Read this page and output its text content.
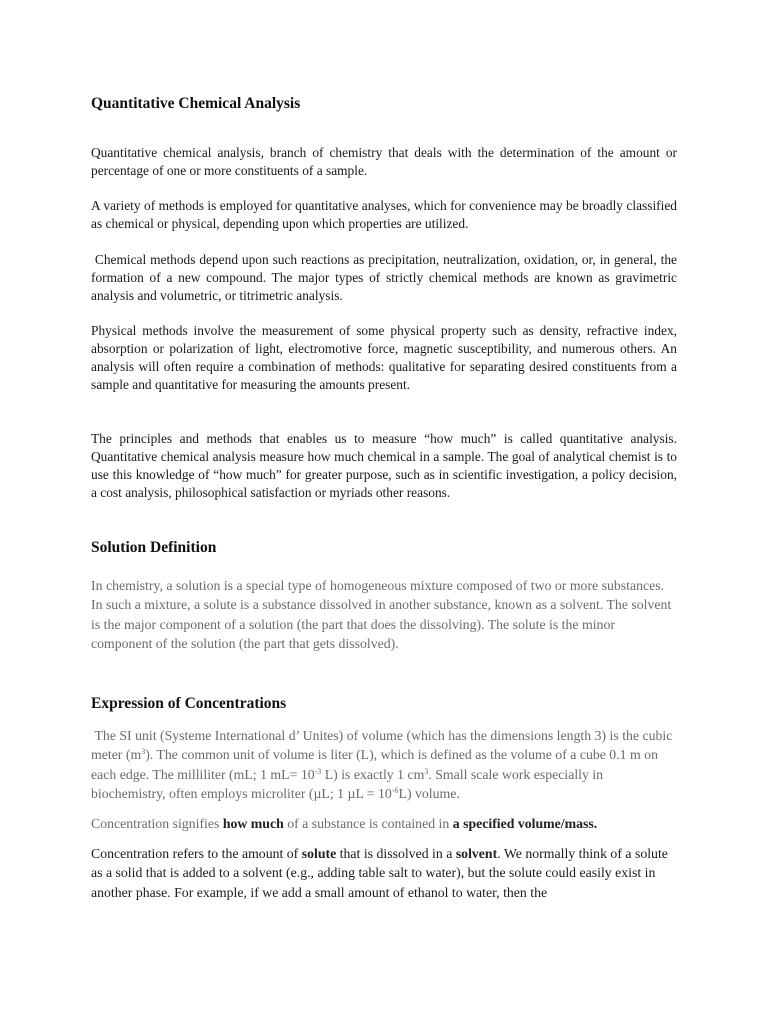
Quantitative Chemical Analysis

Quantitative chemical analysis, branch of chemistry that deals with the determination of the amount or percentage of one or more constituents of a sample.

A variety of methods is employed for quantitative analyses, which for convenience may be broadly classified as chemical or physical, depending upon which properties are utilized.

Chemical methods depend upon such reactions as precipitation, neutralization, oxidation, or, in general, the formation of a new compound. The major types of strictly chemical methods are known as gravimetric analysis and volumetric, or titrimetric analysis.

Physical methods involve the measurement of some physical property such as density, refractive index, absorption or polarization of light, electromotive force, magnetic susceptibility, and numerous others. An analysis will often require a combination of methods: qualitative for separating desired constituents from a sample and quantitative for measuring the amounts present.

The principles and methods that enables us to measure “how much” is called quantitative analysis. Quantitative chemical analysis measure how much chemical in a sample. The goal of analytical chemist is to use this knowledge of “how much” for greater purpose, such as in scientific investigation, a policy decision, a cost analysis, philosophical satisfaction or myriads other reasons.

Solution Definition

In chemistry, a solution is a special type of homogeneous mixture composed of two or more substances. In such a mixture, a solute is a substance dissolved in another substance, known as a solvent. The solvent is the major component of a solution (the part that does the dissolving). The solute is the minor component of the solution (the part that gets dissolved).

Expression of Concentrations

The SI unit (Systeme International d’ Unites) of volume (which has the dimensions length 3) is the cubic meter $(m^3)$. The common unit of volume is liter (L), which is defined as the volume of a cube 0.1 m on each edge. The milliliter (mL; 1 $mL= 10^{-3}$ L) is exactly 1 $cm^3$. Small scale work especially in biochemistry, often employs microliter (µL; 1 $\mu L = 10^{-6}L$) volume.

Concentration signifies how much of a substance is contained in a specified volume/mass.

Concentration refers to the amount of solute that is dissolved in a solvent. We normally think of a solute as a solid that is added to a solvent (e.g., adding table salt to water), but the solute could easily exist in another phase. For example, if we add a small amount of ethanol to water, then the
